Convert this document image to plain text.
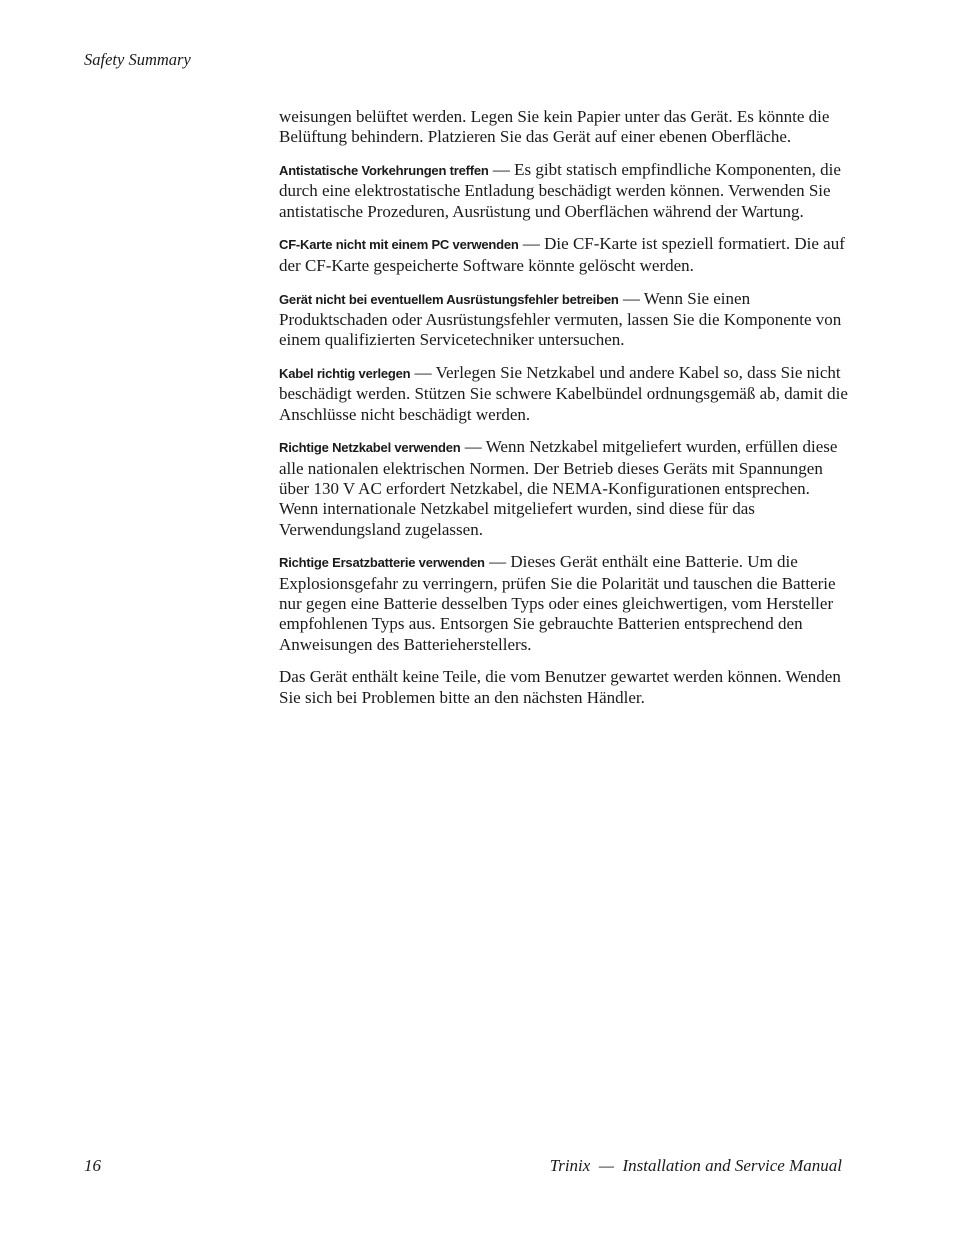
Safety Summary

weisungen belüftet werden. Legen Sie kein Papier unter das Gerät. Es könnte die Belüftung behindern. Platzieren Sie das Gerät auf einer ebenen Oberfläche.

Antistatische Vorkehrungen treffen — Es gibt statisch empfindliche Komponenten, die durch eine elektrostatische Entladung beschädigt werden können. Verwenden Sie antistatische Prozeduren, Ausrüstung und Oberflächen während der Wartung.

CF-Karte nicht mit einem PC verwenden — Die CF-Karte ist speziell formatiert. Die auf der CF-Karte gespeicherte Software könnte gelöscht werden.

Gerät nicht bei eventuellem Ausrüstungsfehler betreiben — Wenn Sie einen Produktschaden oder Ausrüstungsfehler vermuten, lassen Sie die Komponente von einem qualifizierten Servicetechniker untersuchen.

Kabel richtig verlegen — Verlegen Sie Netzkabel und andere Kabel so, dass Sie nicht beschädigt werden. Stützen Sie schwere Kabelbündel ordnungsgemäß ab, damit die Anschlüsse nicht beschädigt werden.

Richtige Netzkabel verwenden — Wenn Netzkabel mitgeliefert wurden, erfüllen diese alle nationalen elektrischen Normen. Der Betrieb dieses Geräts mit Spannungen über 130 V AC erfordert Netzkabel, die NEMA-Konfigurationen entsprechen. Wenn internationale Netzkabel mitgeliefert wurden, sind diese für das Verwendungsland zugelassen.

Richtige Ersatzbatterie verwenden — Dieses Gerät enthält eine Batterie. Um die Explosionsgefahr zu verringern, prüfen Sie die Polarität und tauschen die Batterie nur gegen eine Batterie desselben Typs oder eines gleichwertigen, vom Hersteller empfohlenen Typs aus. Entsorgen Sie gebrauchte Batterien entsprechend den Anweisungen des Batterieherstellers.

Das Gerät enthält keine Teile, die vom Benutzer gewartet werden können. Wenden Sie sich bei Problemen bitte an den nächsten Händler.

16	Trinix  —  Installation and Service Manual
